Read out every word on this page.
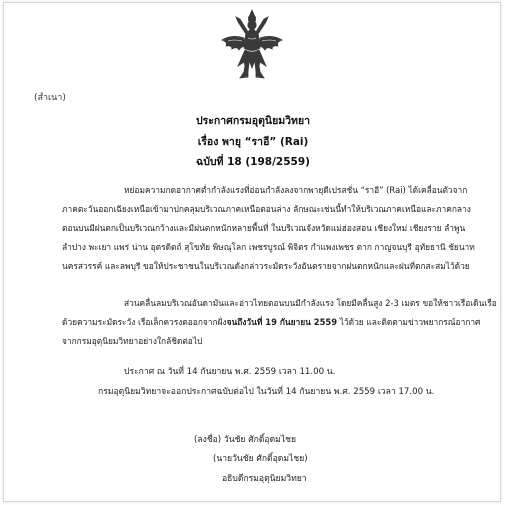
(สำเนา)
ประกาศกรมอุตุนิยมวิทยา
เรื่อง พายุ “ราอี” (Rai)
ฉบับที่ 18 (198/2559)
หย่อมความกดอากาศต่ำกำลังแรงที่อ่อนกำลังลงจากพายุดีเปรสชั่น “ราอี” (Rai) ได้เคลื่อนตัวจาก
ภาคตะวันออกเฉียงเหนือเข้ามาปกคลุมบริเวณภาคเหนือตอนล่าง ลักษณะเช่นนี้ทำให้บริเวณภาคเหนือและภาคกลาง
ตอนบนมีฝนตกเป็นบริเวณกว้างและมีฝนตกหนักหลายพื้นที่ ในบริเวณจังหวัดแม่ฮ่องสอน เชียงใหม่ เชียงราย ลำพูน
ลำปาง พะเยา แพร่ น่าน อุตรดิตถ์ สุโขทัย พิษณุโลก เพชรบูรณ์ พิจิตร กำแพงเพชร ตาก กาญจนบุรี อุทัยธานี ชัยนาท
นครสวรรค์ และลพบุรี ขอให้ประชาชนในบริเวณดังกล่าวระมัดระวังอันตรายจากฝนตกหนักและฝนที่ตกสะสมไว้ด้วย
ส่วนคลื่นลมบริเวณอันดามันและอ่าวไทยตอนบนมีกำลังแรง โดยมีคลื่นสูง 2-3 เมตร ขอให้ชาวเรือเดินเรือ
ด้วยความระมัดระวัง เรือเล็กควรงดออกจากฝั่งจนถึงวันที่ 19 กันยายน 2559 ไว้ด้วย และติดตามข่าวพยากรณ์อากาศ
จากกรมอุตุนิยมวิทยาอย่างใกล้ชิดต่อไป
ประกาศ ณ วันที่ 14 กันยายน พ.ศ. 2559 เวลา 11.00 น.
กรมอุตุนิยมวิทยาจะออกประกาศฉบับต่อไป ในวันที่ 14 กันยายน พ.ศ. 2559 เวลา 17.00 น.
(ลงชื่อ) วันชัย ศักดิ์อุดมไชย
(นายวันชัย ศักดิ์อุดมไชย)
อธิบดีกรมอุตุนิยมวิทยา
